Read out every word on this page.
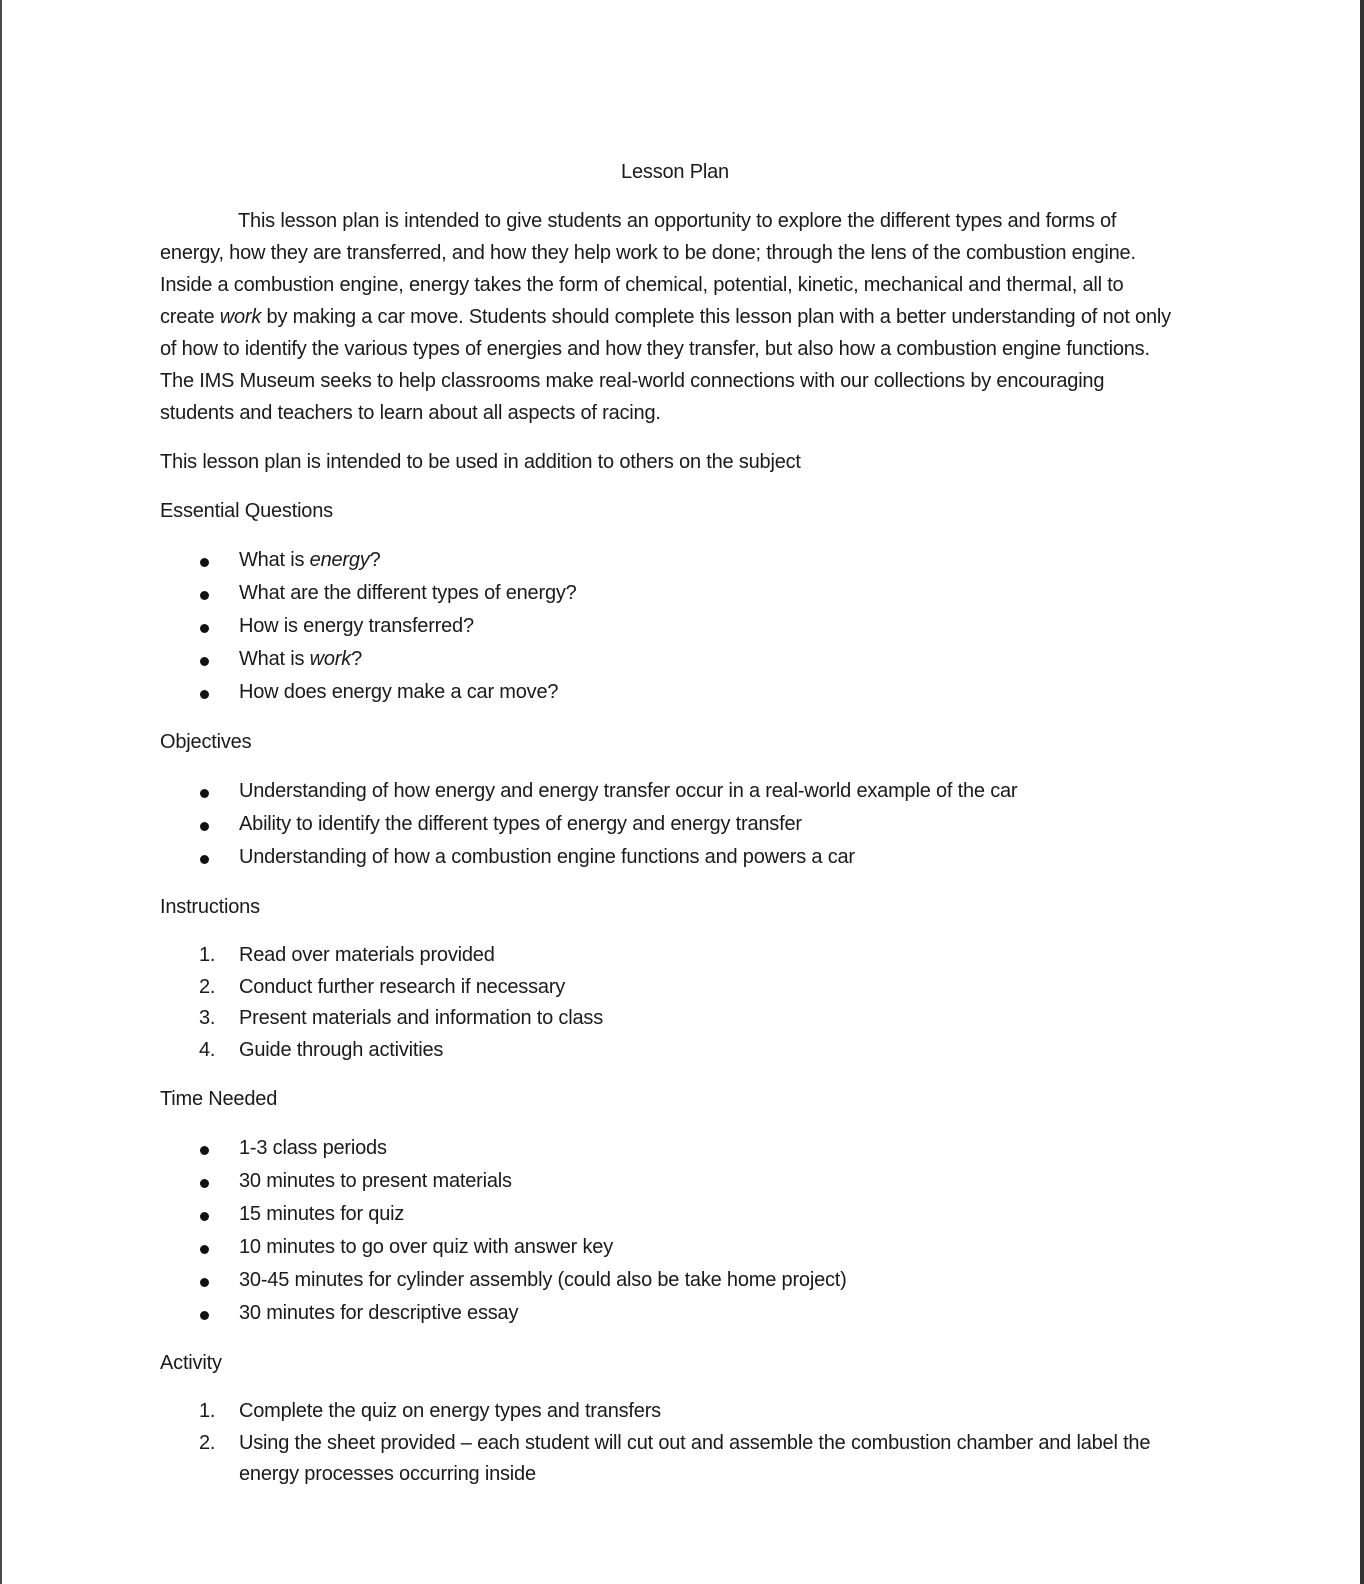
Lesson Plan

This lesson plan is intended to give students an opportunity to explore the different types and forms of energy, how they are transferred, and how they help work to be done; through the lens of the combustion engine. Inside a combustion engine, energy takes the form of chemical, potential, kinetic, mechanical and thermal, all to create work by making a car move. Students should complete this lesson plan with a better understanding of not only of how to identify the various types of energies and how they transfer, but also how a combustion engine functions. The IMS Museum seeks to help classrooms make real-world connections with our collections by encouraging students and teachers to learn about all aspects of racing.

This lesson plan is intended to be used in addition to others on the subject

Essential Questions

What is energy?
What are the different types of energy?
How is energy transferred?
What is work?
How does energy make a car move?

Objectives

Understanding of how energy and energy transfer occur in a real-world example of the car
Ability to identify the different types of energy and energy transfer
Understanding of how a combustion engine functions and powers a car

Instructions

1. Read over materials provided
2. Conduct further research if necessary
3. Present materials and information to class
4. Guide through activities

Time Needed

1-3 class periods
30 minutes to present materials
15 minutes for quiz
10 minutes to go over quiz with answer key
30-45 minutes for cylinder assembly (could also be take home project)
30 minutes for descriptive essay

Activity

1. Complete the quiz on energy types and transfers
2. Using the sheet provided – each student will cut out and assemble the combustion chamber and label the energy processes occurring inside
